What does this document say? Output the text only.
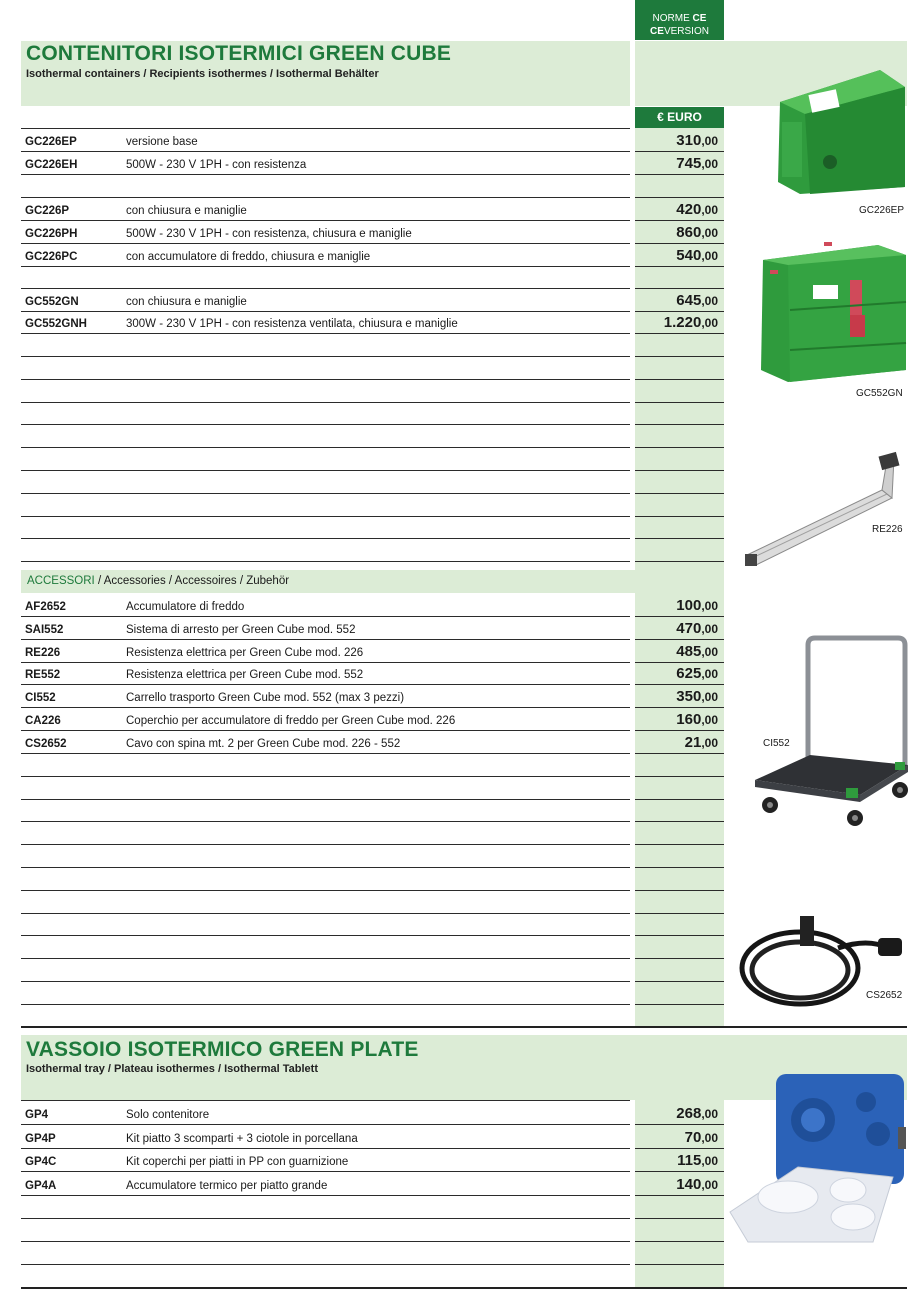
NORME CE
CEVERSION
CONTENITORI ISOTERMICI GREEN CUBE
Isothermal containers / Recipients isothermes / Isothermal Behälter
€ EURO
GC226EP	versione base	310,00
GC226EH	500W - 230 V 1PH - con resistenza	745,00
GC226P	con chiusura e maniglie	420,00
GC226PH	500W - 230 V 1PH - con resistenza, chiusura e maniglie	860,00
GC226PC	con accumulatore di freddo, chiusura e maniglie	540,00
GC552GN	con chiusura e maniglie	645,00
GC552GNH	300W - 230 V 1PH - con resistenza ventilata, chiusura e maniglie	1.220,00
ACCESSORI / Accessories / Accessoires / Zubehör
AF2652	Accumulatore di freddo	100,00
SAI552	Sistema di arresto per Green Cube mod. 552	470,00
RE226	Resistenza elettrica per Green Cube mod. 226	485,00
RE552	Resistenza elettrica per Green Cube mod. 552	625,00
CI552	Carrello trasporto Green Cube mod. 552 (max 3 pezzi)	350,00
CA226	Coperchio per accumulatore di freddo per Green Cube mod. 226	160,00
CS2652	Cavo con spina mt. 2 per Green Cube mod. 226 - 552	21,00
VASSOIO ISOTERMICO GREEN PLATE
Isothermal tray / Plateau isothermes / Isothermal Tablett
GP4	Solo contenitore	268,00
GP4P	Kit piatto 3 scomparti + 3 ciotole in porcellana	70,00
GP4C	Kit coperchi per piatti in PP con guarnizione	115,00
GP4A	Accumulatore termico per piatto grande	140,00
GC226EP
GC552GN
RE226
CI552
CS2652
